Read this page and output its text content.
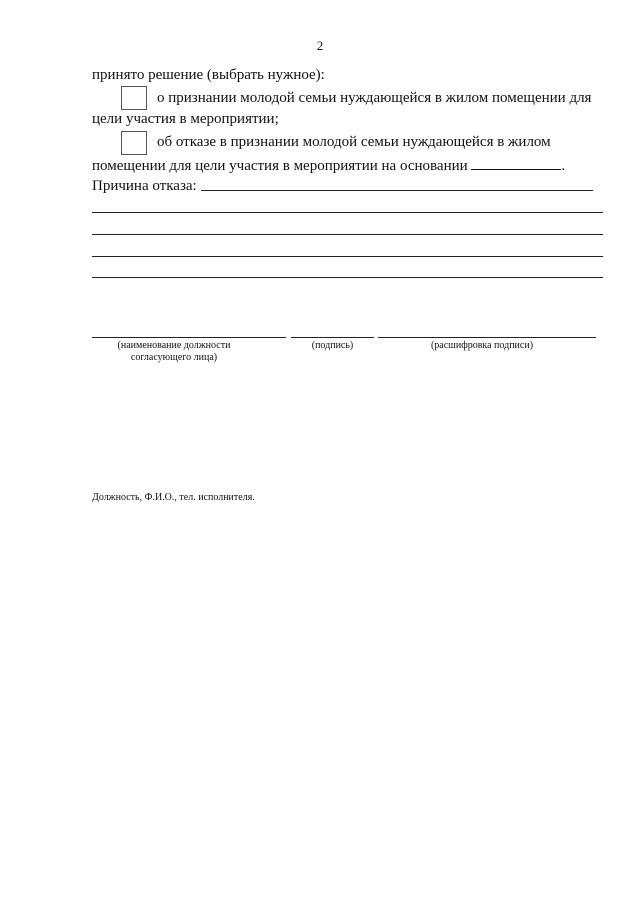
2
принято решение (выбрать нужное):
о признании молодой семьи нуждающейся в жилом помещении для
цели участия в мероприятии;
об отказе в признании молодой семьи нуждающейся в жилом
помещении для цели участия в мероприятии на основании	.
Причина отказа:
(наименование должности
согласующего лица)
(подпись)	(расшифровка подписи)
Должность, Ф.И.О., тел. исполнителя.
